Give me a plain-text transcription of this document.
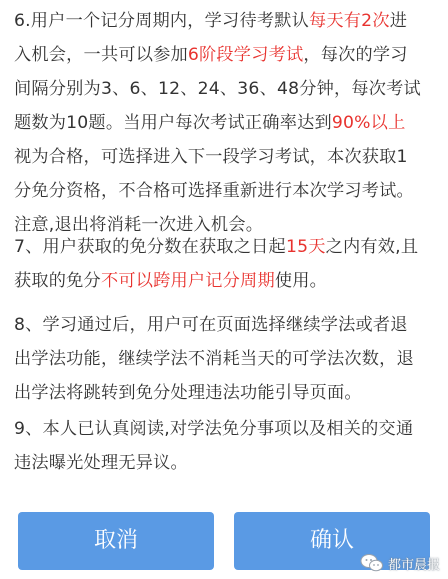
6.用户一个记分周期内，学习待考默认每天有2次进
入机会，一共可以参加6阶段学习考试，每次的学习
间隔分别为3、6、12、24、36、48分钟，每次考试
题数为10题。当用户每次考试正确率达到90%以上
视为合格，可选择进入下一段学习考试，本次获取1
分免分资格，不合格可选择重新进行本次学习考试。
注意,退出将消耗一次进入机会。
7、用户获取的免分数在获取之日起15天之内有效,且
获取的免分不可以跨用户记分周期使用。
8、学习通过后，用户可在页面选择继续学法或者退
出学法功能，继续学法不消耗当天的可学法次数，退
出学法将跳转到免分处理违法功能引导页面。
9、本人已认真阅读,对学法免分事项以及相关的交通
违法曝光处理无异议。
取消	确认
都市晨报
